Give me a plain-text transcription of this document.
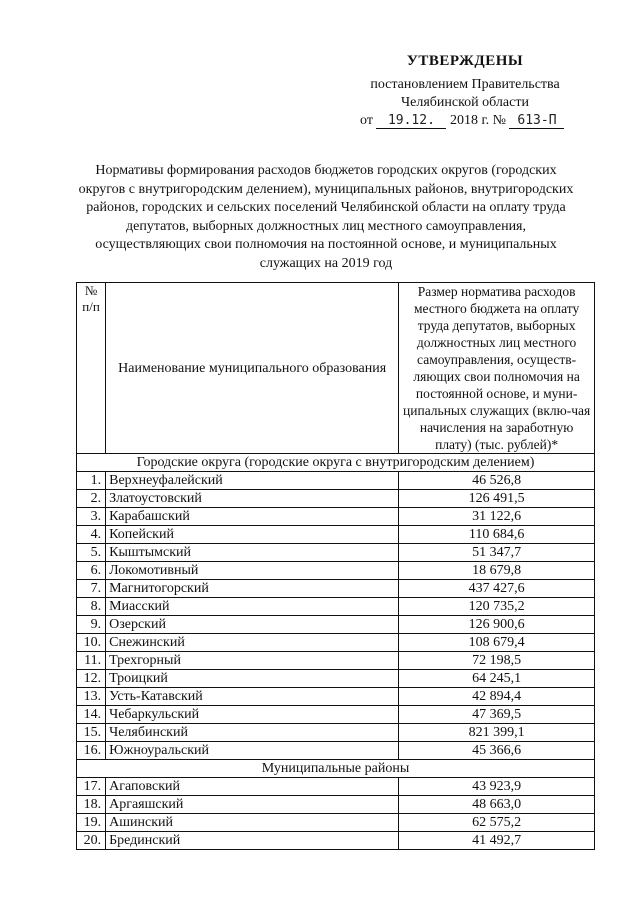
УТВЕРЖДЕНЫ
постановлением Правительства
Челябинской области
от 19.12. 2018 г. № 613-П
Нормативы формирования расходов бюджетов городских округов (городских округов с внутригородским делением), муниципальных районов, внутригородских районов, городских и сельских поселений Челябинской области на оплату труда депутатов, выборных должностных лиц местного самоуправления, осуществляющих свои полномочия на постоянной основе, и муниципальных служащих на 2019 год
№ п/п	Наименование муниципального образования	Размер норматива расходов местного бюджета на оплату труда депутатов, выборных должностных лиц местного самоуправления, осуществ-ляющих свои полномочия на постоянной основе, и муни-ципальных служащих (вклю-чая начисления на заработную плату) (тыс. рублей)*
Городские округа (городские округа с внутригородским делением)		
1.	Верхнеуфалейский	46 526,8
2.	Златоустовский	126 491,5
3.	Карабашский	31 122,6
4.	Копейский	110 684,6
5.	Кыштымский	51 347,7
6.	Локомотивный	18 679,8
7.	Магнитогорский	437 427,6
8.	Миасский	120 735,2
9.	Озерский	126 900,6
10.	Снежинский	108 679,4
11.	Трехгорный	72 198,5
12.	Троицкий	64 245,1
13.	Усть-Катавский	42 894,4
14.	Чебаркульский	47 369,5
15.	Челябинский	821 399,1
16.	Южноуральский	45 366,6
Муниципальные районы		
17.	Агаповский	43 923,9
18.	Аргаяшский	48 663,0
19.	Ашинский	62 575,2
20.	Брединский	41 492,7
